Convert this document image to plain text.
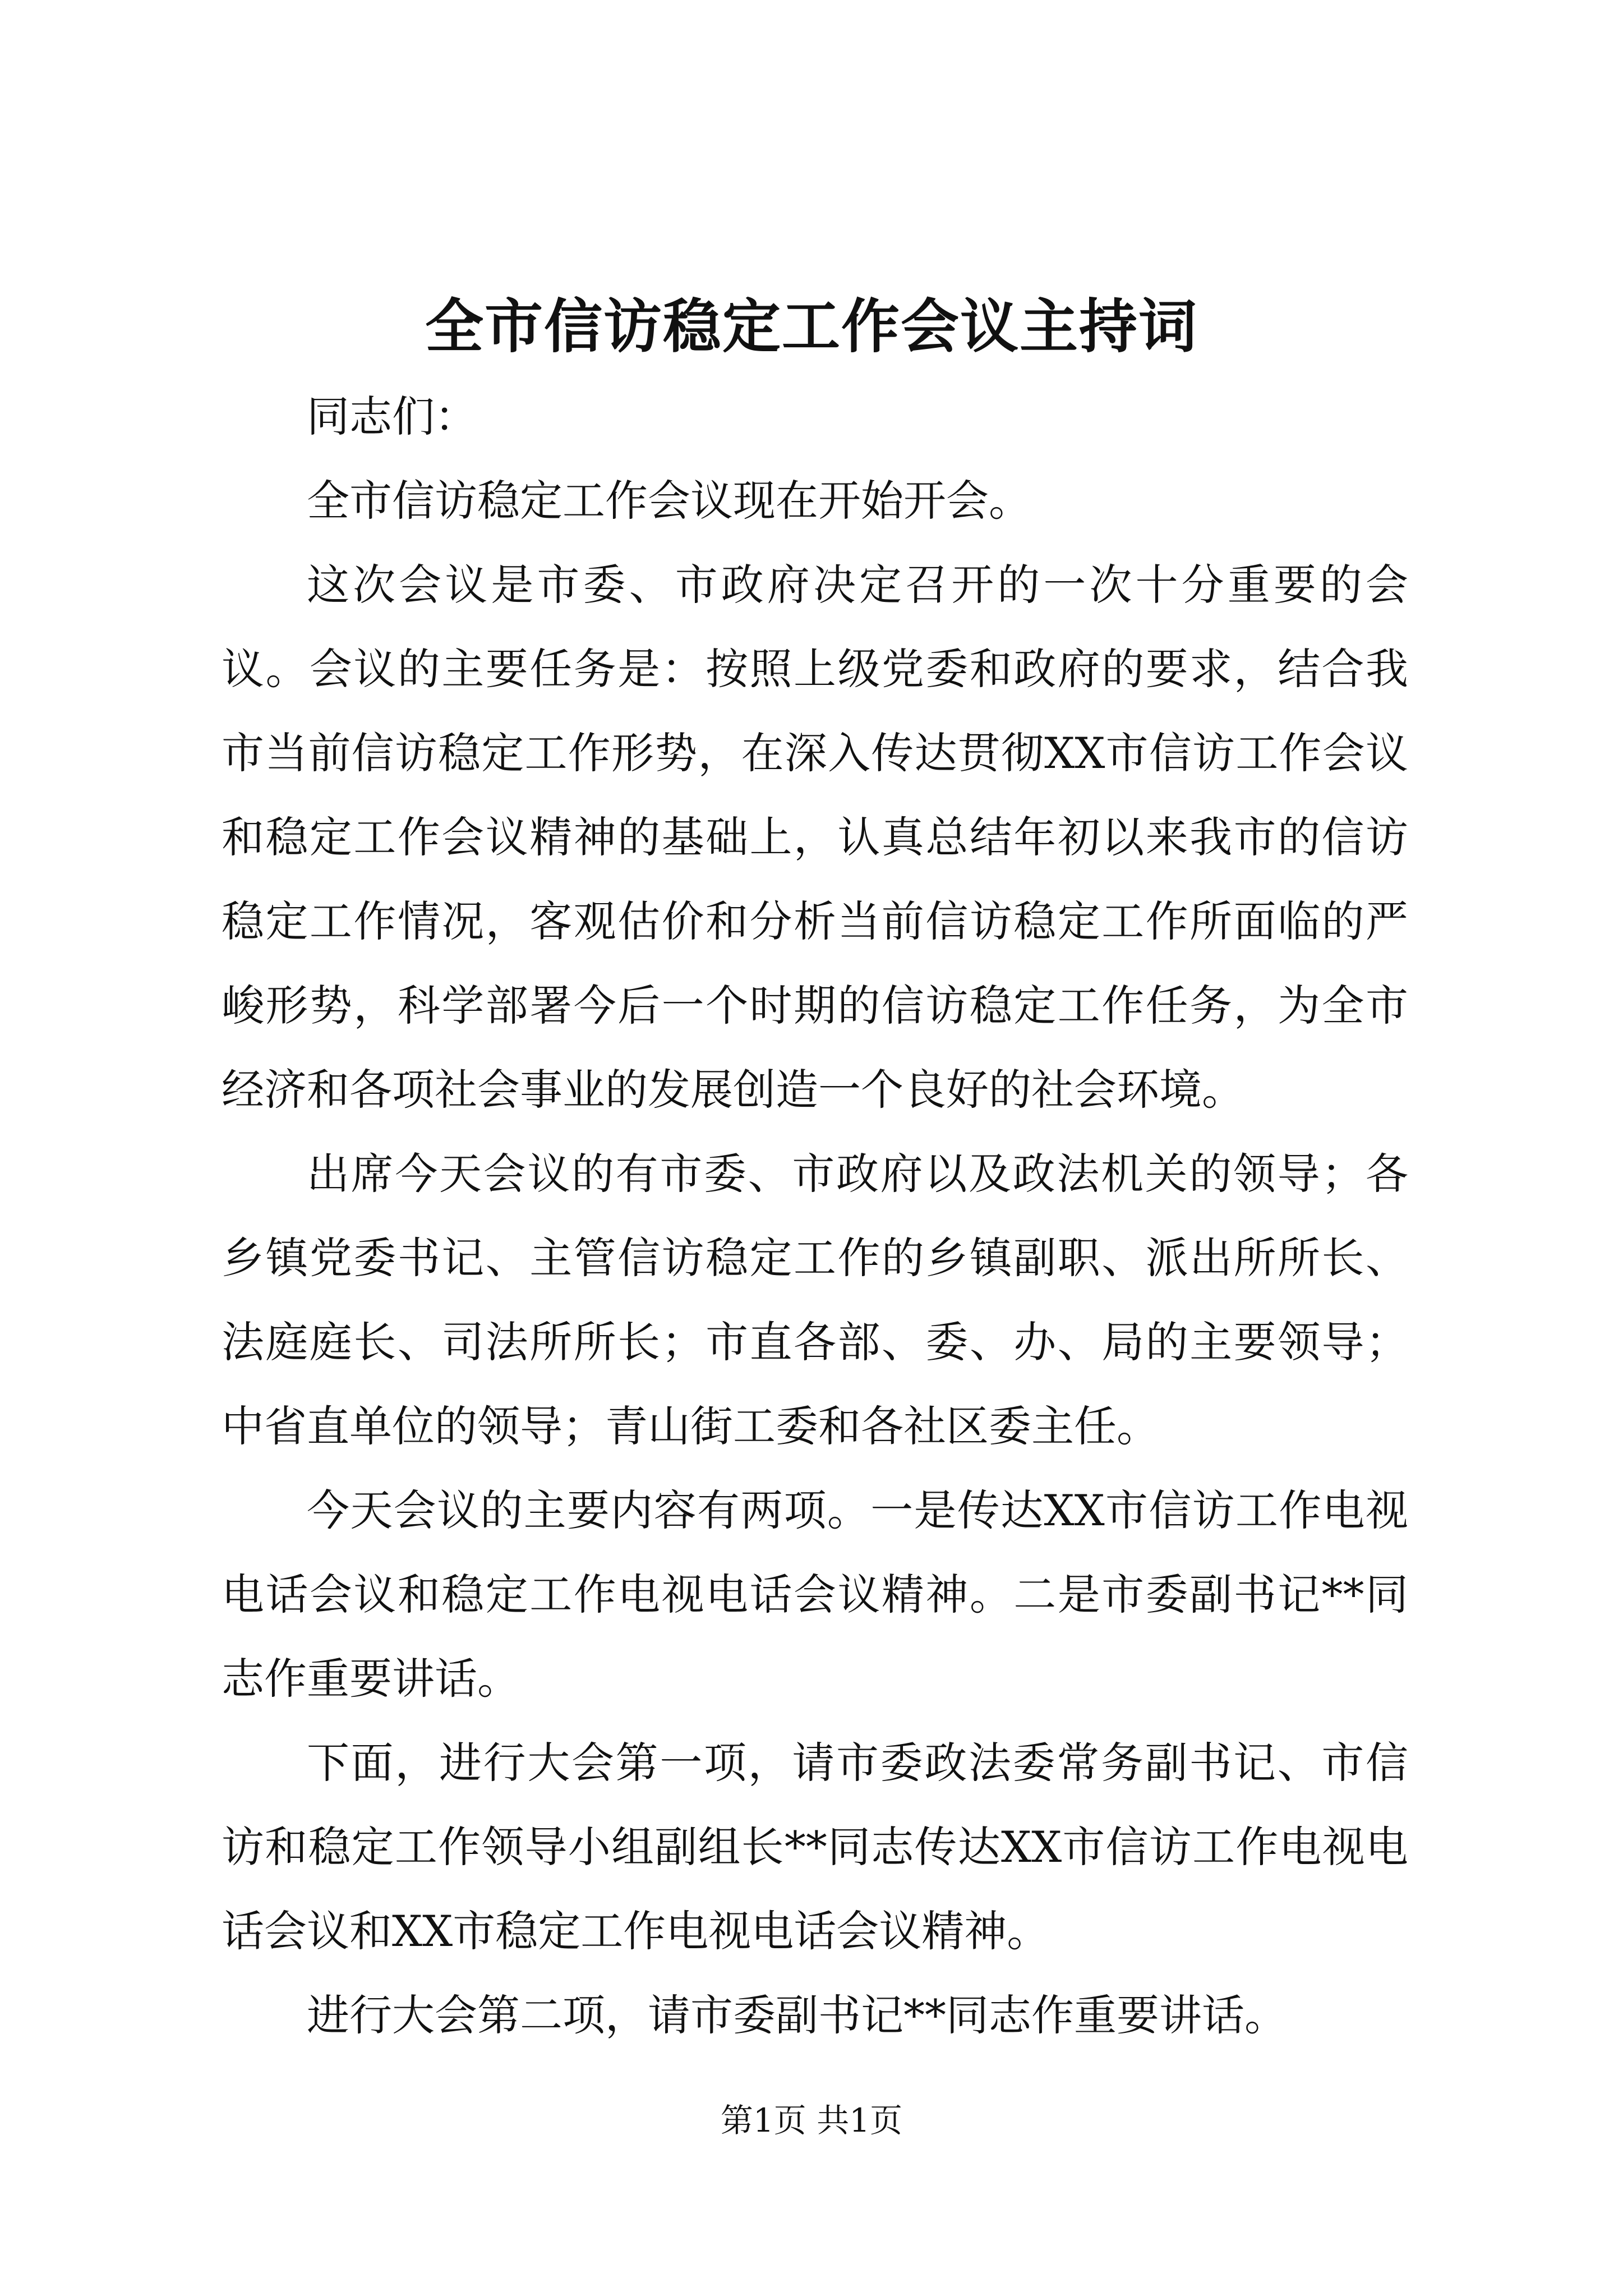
全市信访稳定工作会议主持词

同志们：

全市信访稳定工作会议现在开始开会。

这次会议是市委、市政府决定召开的一次十分重要的会议。会议的主要任务是：按照上级党委和政府的要求，结合我市当前信访稳定工作形势，在深入传达贯彻XX市信访工作会议和稳定工作会议精神的基础上，认真总结年初以来我市的信访稳定工作情况，客观估价和分析当前信访稳定工作所面临的严峻形势，科学部署今后一个时期的信访稳定工作任务，为全市经济和各项社会事业的发展创造一个良好的社会环境。

出席今天会议的有市委、市政府以及政法机关的领导；各乡镇党委书记、主管信访稳定工作的乡镇副职、派出所所长、法庭庭长、司法所所长；市直各部、委、办、局的主要领导；中省直单位的领导；青山街工委和各社区委主任。

今天会议的主要内容有两项。一是传达XX市信访工作电视电话会议和稳定工作电视电话会议精神。二是市委副书记**同志作重要讲话。

下面，进行大会第一项，请市委政法委常务副书记、市信访和稳定工作领导小组副组长**同志传达XX市信访工作电视电话会议和XX市稳定工作电视电话会议精神。

进行大会第二项，请市委副书记**同志作重要讲话。

第1页 共1页
